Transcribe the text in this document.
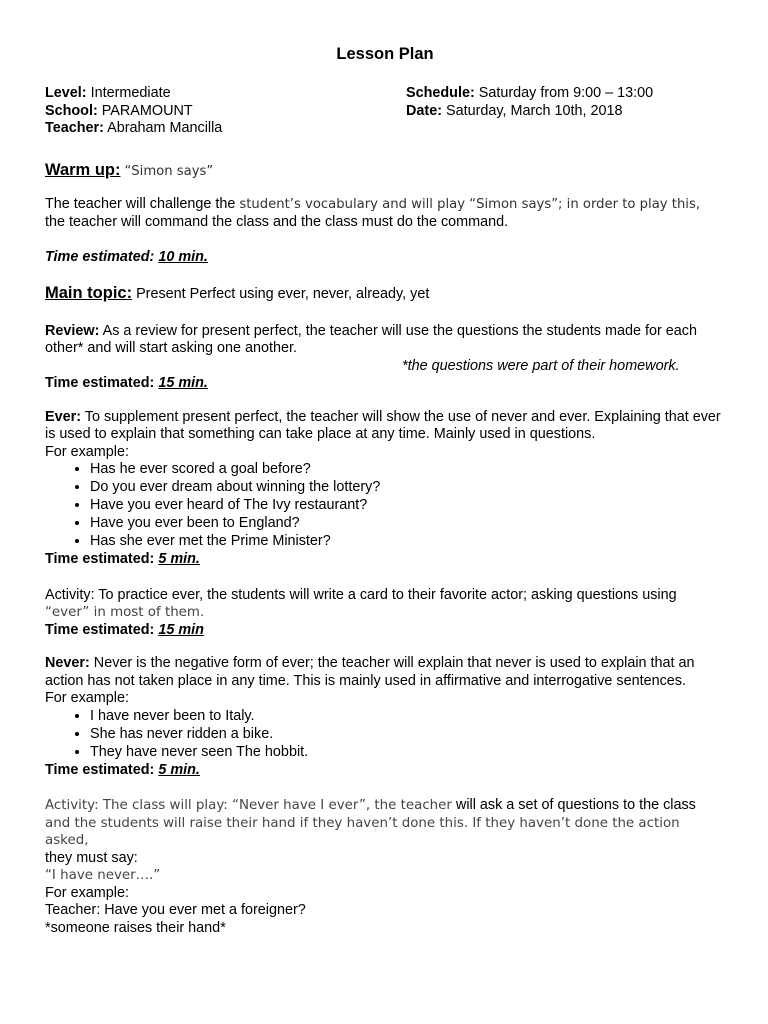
Lesson Plan
Level: Intermediate
School: PARAMOUNT
Teacher: Abraham Mancilla
Schedule: Saturday from 9:00 – 13:00
Date: Saturday, March 10th, 2018
Warm up: “Simon says”

The teacher will challenge the student’s vocabulary and will play “Simon says”; in order to play this,
the teacher will command the class and the class must do the command.

Time estimated: 10 min.

Main topic: Present Perfect using ever, never, already, yet

Review: As a review for present perfect, the teacher will use the questions the students made for each other* and will start asking one another.

*the questions were part of their homework.

Time estimated: 15 min.

Ever: To supplement present perfect, the teacher will show the use of never and ever. Explaining that ever is used to explain that something can take place at any time. Mainly used in questions.

For example:

• Has he ever scored a goal before?
• Do you ever dream about winning the lottery?
• Have you ever heard of The Ivy restaurant?
• Have you ever been to England?
• Has she ever met the Prime Minister?

Time estimated: 5 min.

Activity: To practice ever, the students will write a card to their favorite actor; asking questions using
“ever” in most of them.

Time estimated: 15 min

Never: Never is the negative form of ever; the teacher will explain that never is used to explain that an action has not taken place in any time. This is mainly used in affirmative and interrogative sentences.

For example:

• I have never been to Italy.
• She has never ridden a bike.
• They have never seen The hobbit.

Time estimated: 5 min.

Activity: The class will play: “Never have I ever”, the teacher will ask a set of questions to the class
and the students will raise their hand if they haven’t done this. If they haven’t done the action asked,
they must say:

“I have never….”

For example:

Teacher: Have you ever met a foreigner?

*someone raises their hand*
